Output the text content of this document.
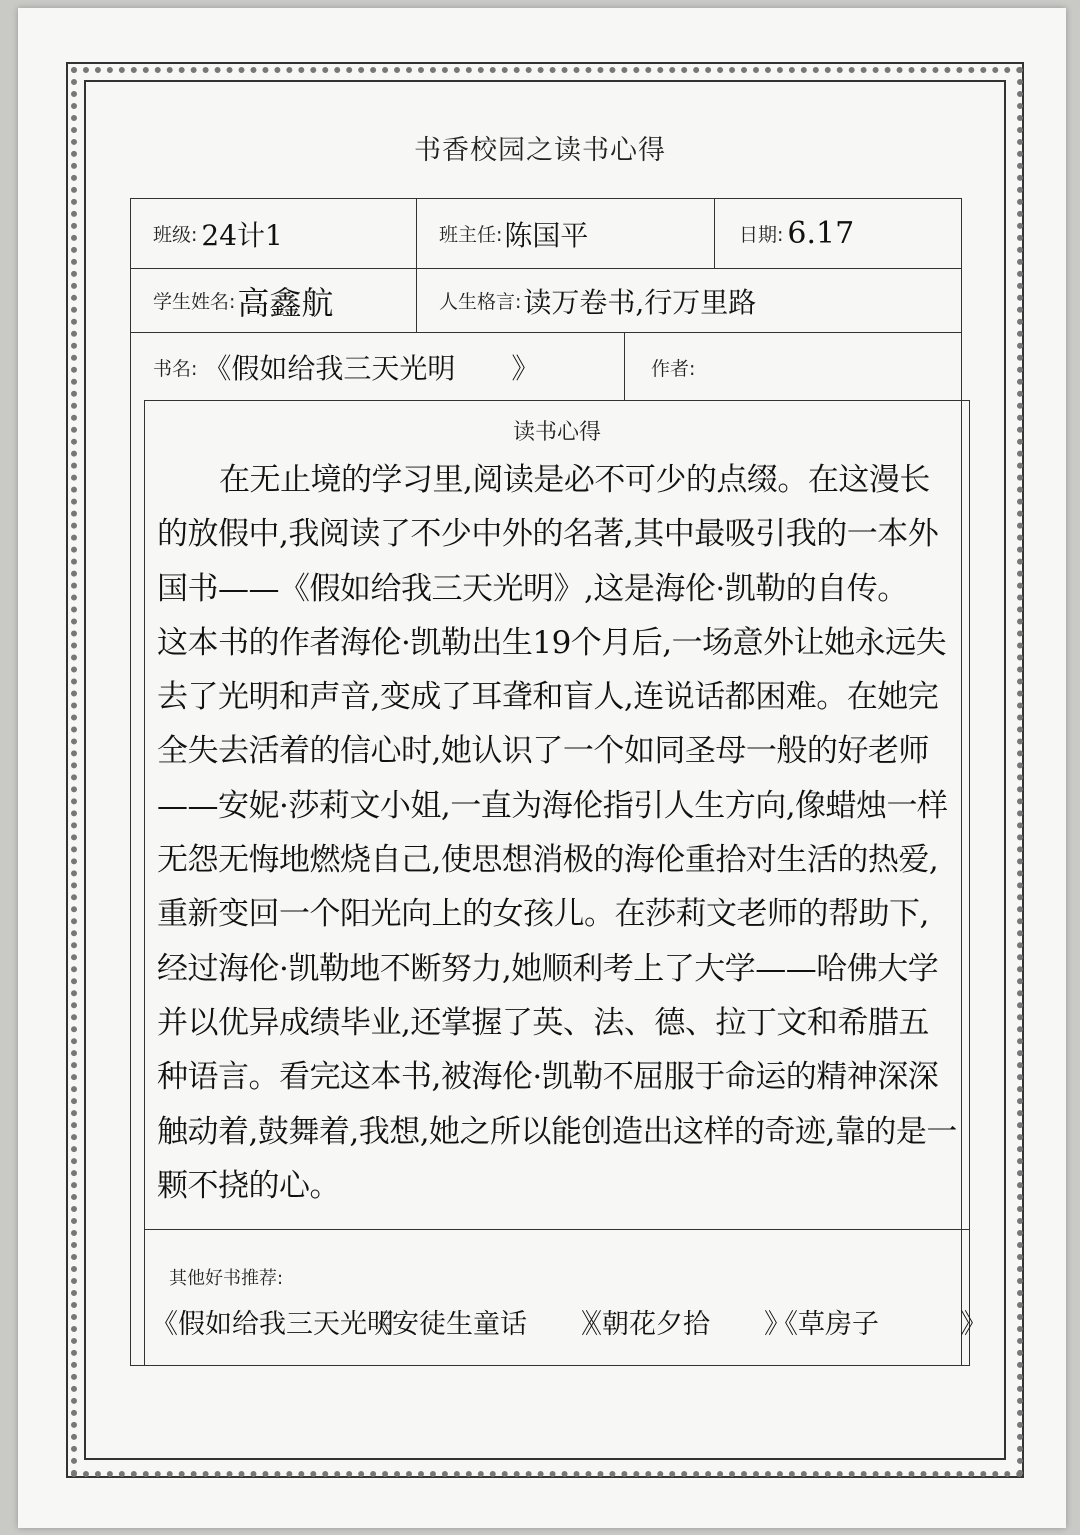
书香校园之读书心得
班级: 24计1	班主任: 陈国平	日期: 6.17
学生姓名: 高鑫航	人生格言: 读万卷书,行万里路
书名: 《假如给我三天光明　　》	作者:
读书心得
在无止境的学习里,阅读是必不可少的点缀。在这漫长的放假中,我阅读了不少中外的名著,其中最吸引我的一本外国书——《假如给我三天光明》,这是海伦·凯勒的自传。　　这本书的作者海伦·凯勒出生19个月后,一场意外让她永远失去了光明和声音,变成了耳聋和盲人,连说话都困难。在她完全失去活着的信心时,她认识了一个如同圣母一般的好老师——安妮·莎莉文小姐,一直为海伦指引人生方向,像蜡烛一样无怨无悔地燃烧自己,使思想消极的海伦重拾对生活的热爱,重新变回一个阳光向上的女孩儿。在莎莉文老师的帮助下,经过海伦·凯勒地不断努力,她顺利考上了大学——哈佛大学并以优异成绩毕业,还掌握了英、法、德、拉丁文和希腊五种语言。看完这本书,被海伦·凯勒不屈服于命运的精神深深触动着,鼓舞着,我想,她之所以能创造出这样的奇迹,靠的是一颗不挠的心。
其他好书推荐:
《假如给我三天光明
《安徒生童话　　》
《朝花夕拾　　》
《草房子　　　》
